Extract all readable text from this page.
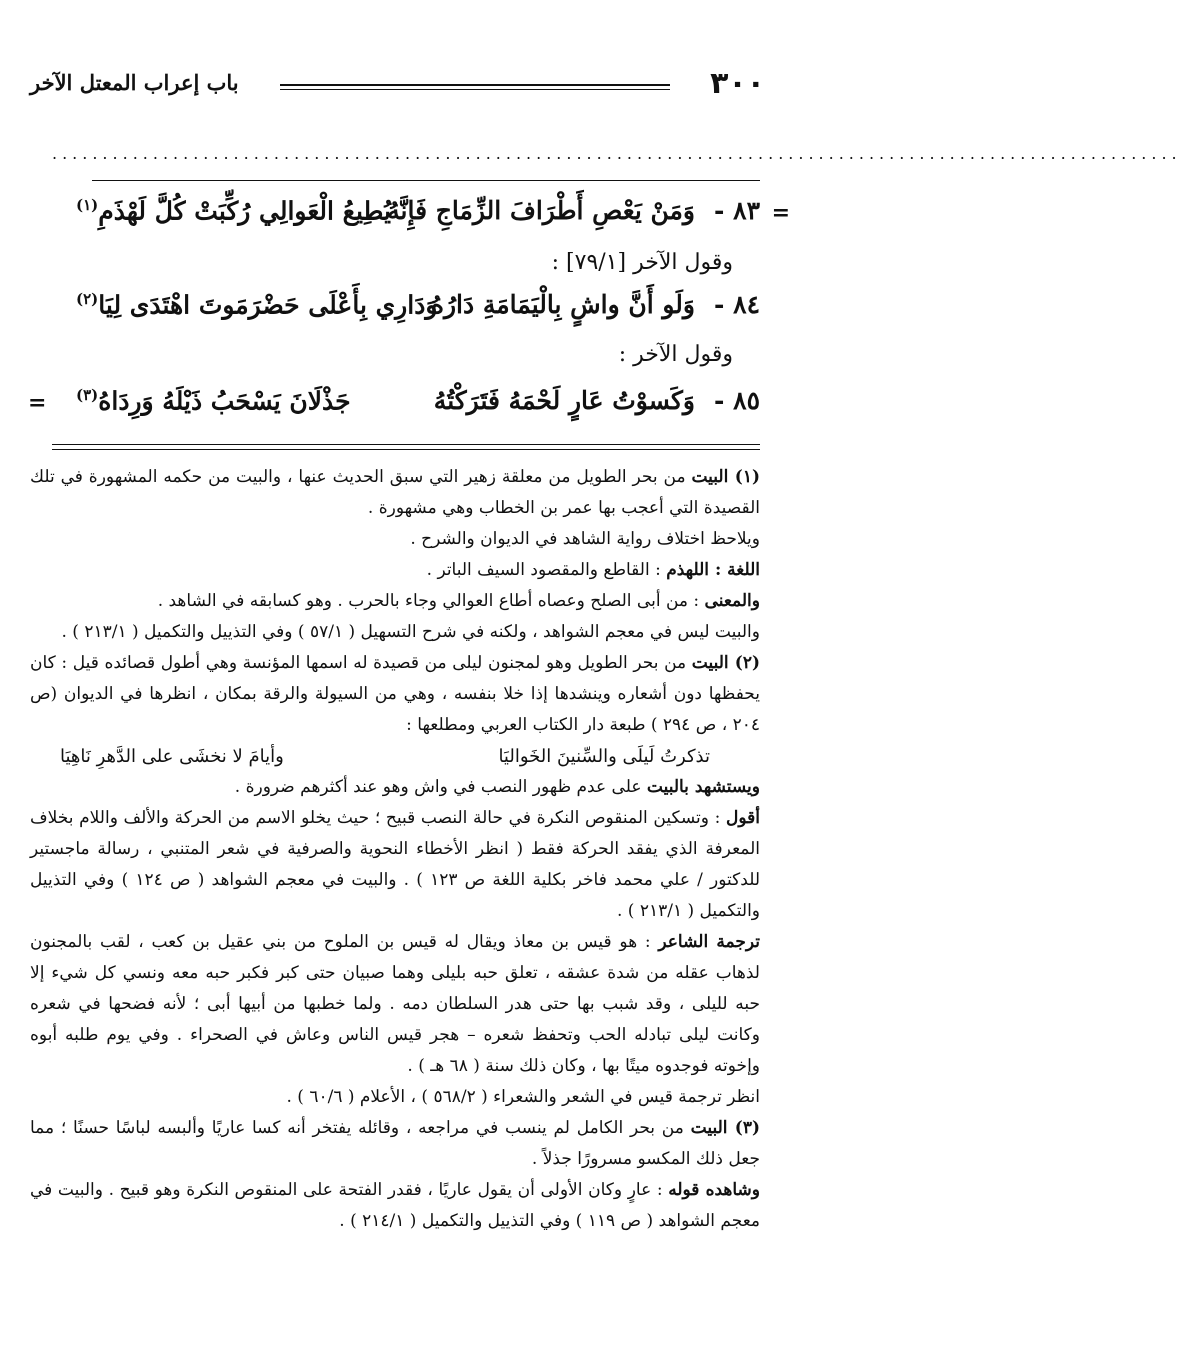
٣٠٠
باب إعراب المعتل الآخر
................................................................................................................
=
٨٣ -
وَمَنْ يَعْصِ أَطْرَافَ الزِّمَاجِ فَإِنَّهُ
يُطِيعُ الْعَوالِي رُكِّبَتْ كُلَّ لَهْذَمِ$^{(١)}$
وقول الآخر [٧٩/١] :
٨٤ -
وَلَو أَنَّ واشٍ بِالْيَمَامَةِ دَارُهُ
وَدَارِي بِأَعْلَى حَضْرَمَوتَ اهْتَدَى لِيَا$^{(٢)}$
وقول الآخر :
٨٥ -
وَكَسوْتُ عَارٍ لَحْمَهُ فَتَرَكْتُهُ
جَذْلَانَ يَسْحَبُ ذَيْلَهُ وَرِدَاهُ$^{(٣)}$
=

(١) البيت من بحر الطويل من معلقة زهير التي سبق الحديث عنها ، والبيت من حكمه المشهورة في تلك القصيدة التي أعجب بها عمر بن الخطاب وهي مشهورة .

ويلاحظ اختلاف رواية الشاهد في الديوان والشرح .

اللغة : اللهذم : القاطع والمقصود السيف الباتر .

والمعنى : من أبى الصلح وعصاه أطاع العوالي وجاء بالحرب . وهو كسابقه في الشاهد .

والبيت ليس في معجم الشواهد ، ولكنه في شرح التسهيل ( ٥٧/١ ) وفي التذييل والتكميل ( ٢١٣/١ ) .

(٢) البيت من بحر الطويل وهو لمجنون ليلى من قصيدة له اسمها المؤنسة وهي أطول قصائده قيل : كان يحفظها دون أشعاره وينشدها إذا خلا بنفسه ، وهي من السيولة والرقة بمكان ، انظرها في الديوان (ص ٢٠٤ ، ص ٢٩٤ ) طبعة دار الكتاب العربي ومطلعها :

تذكرتُ لَيلَى والسِّنينَ الخَواليَا
وأيامَ لا نخشَى على الدَّهرِ نَاهِيَا

ويستشهد بالبيت على عدم ظهور النصب في واش وهو عند أكثرهم ضرورة .

أقول : وتسكين المنقوص النكرة في حالة النصب قبيح ؛ حيث يخلو الاسم من الحركة والألف واللام بخلاف المعرفة الذي يفقد الحركة فقط ( انظر الأخطاء النحوية والصرفية في شعر المتنبي ، رسالة ماجستير للدكتور / علي محمد فاخر بكلية اللغة ص ١٢٣ ) . والبيت في معجم الشواهد ( ص ١٢٤ ) وفي التذييل والتكميل ( ٢١٣/١ ) .

ترجمة الشاعر : هو قيس بن معاذ ويقال له قيس بن الملوح من بني عقيل بن كعب ، لقب بالمجنون لذهاب عقله من شدة عشقه ، تعلق حبه بليلى وهما صبيان حتى كبر فكبر حبه معه ونسي كل شيء إلا حبه لليلى ، وقد شبب بها حتى هدر السلطان دمه . ولما خطبها من أبيها أبى ؛ لأنه فضحها في شعره وكانت ليلى تبادله الحب وتحفظ شعره – هجر قيس الناس وعاش في الصحراء . وفي يوم طلبه أبوه وإخوته فوجدوه ميتًا بها ، وكان ذلك سنة ( ٦٨ هـ ) .

انظر ترجمة قيس في الشعر والشعراء ( ٥٦٨/٢ ) ، الأعلام ( ٦٠/٦ ) .

(٣) البيت من بحر الكامل لم ينسب في مراجعه ، وقائله يفتخر أنه كسا عاريًا وألبسه لباسًا حسنًا ؛ مما جعل ذلك المكسو مسرورًا جذلاً .

وشاهده قوله : عارٍ وكان الأولى أن يقول عاريًا ، فقدر الفتحة على المنقوص النكرة وهو قبيح . والبيت في معجم الشواهد ( ص ١١٩ ) وفي التذييل والتكميل ( ٢١٤/١ ) .
